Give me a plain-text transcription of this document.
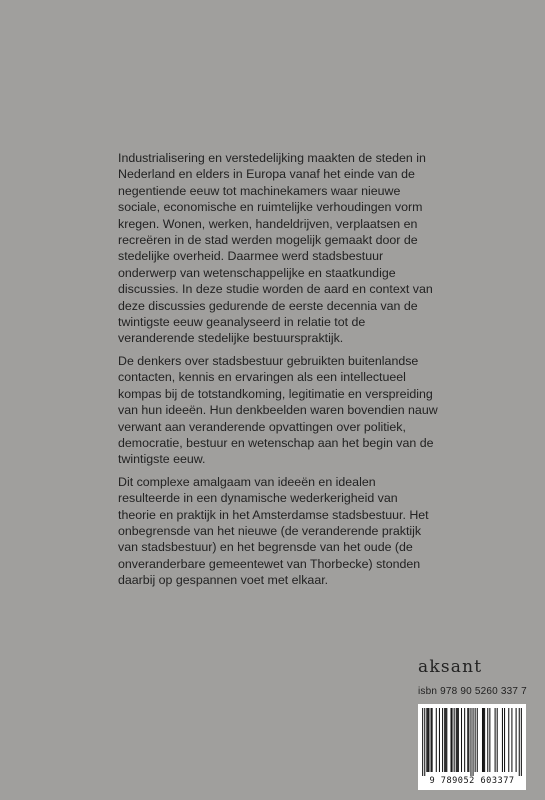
Industrialisering en verstedelijking maakten de steden in Nederland en elders in Europa vanaf het einde van de negentiende eeuw tot machinekamers waar nieuwe sociale, economische en ruimtelijke verhoudingen vorm kregen. Wonen, werken, handeldrijven, verplaatsen en recreëren in de stad werden mogelijk gemaakt door de stedelijke overheid. Daarmee werd stadsbestuur onderwerp van wetenschappelijke en staatkundige discussies. In deze studie worden de aard en context van deze discussies gedurende de eerste decennia van de twintigste eeuw geanalyseerd in relatie tot de veranderende stedelijke bestuurspraktijk.

De denkers over stadsbestuur gebruikten buitenlandse contacten, kennis en ervaringen als een intellectueel kompas bij de totstandkoming, legitimatie en verspreiding van hun ideeën. Hun denkbeelden waren bovendien nauw verwant aan veranderende opvattingen over politiek, democratie, bestuur en wetenschap aan het begin van de twintigste eeuw.

Dit complexe amalgaam van ideeën en idealen resulteerde in een dynamische wederkerigheid van theorie en praktijk in het Amsterdamse stadsbestuur. Het onbegrensde van het nieuwe (de veranderende praktijk van stadsbestuur) en het begrensde van het oude (de onveranderbare gemeentewet van Thorbecke) stonden daarbij op gespannen voet met elkaar.

aksant
isbn 978 90 5260 337 7
9 789052 603377
